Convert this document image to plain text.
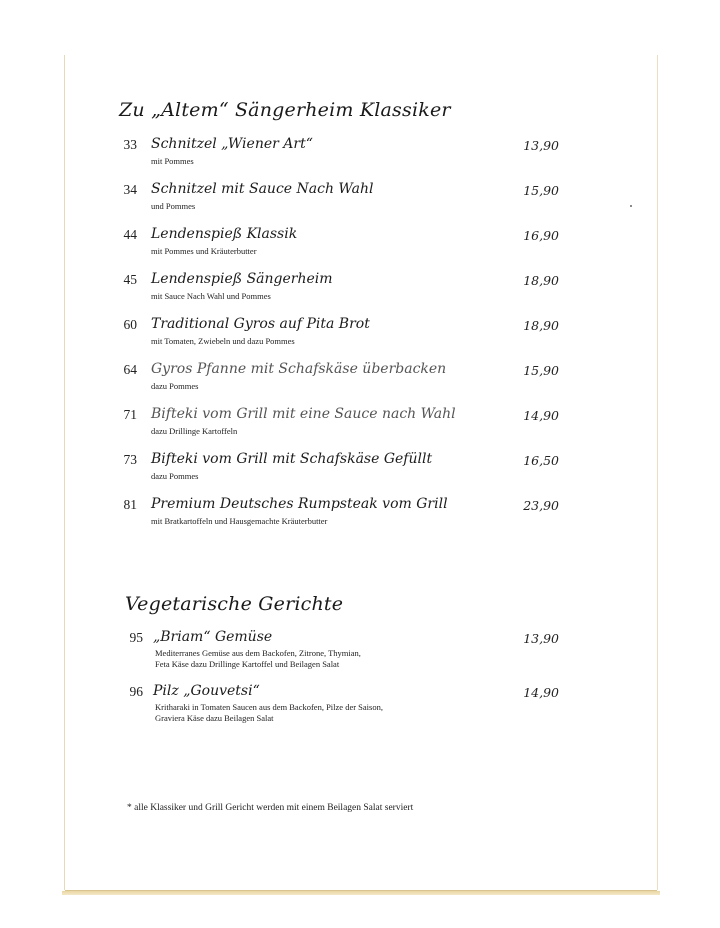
Zu „Altem“ Sängerheim Klassiker
33 Schnitzel „Wiener Art“
mit Pommes
13,90
34 Schnitzel mit Sauce Nach Wahl
und Pommes
15,90
44 Lendenspieß Klassik
mit Pommes und Kräuterbutter
16,90
45 Lendenspieß Sängerheim
mit Sauce Nach Wahl und Pommes
18,90
60 Traditional Gyros auf Pita Brot
mit Tomaten, Zwiebeln und dazu Pommes
18,90
64 Gyros Pfanne mit Schafskäse überbacken
dazu Pommes
15,90
71 Bifteki vom Grill mit eine Sauce nach Wahl
dazu Drillinge Kartoffeln
14,90
73 Bifteki vom Grill mit Schafskäse Gefüllt
dazu Pommes
16,50
81 Premium Deutsches Rumpsteak vom Grill
mit Bratkartoffeln und Hausgemachte Kräuterbutter
23,90
Vegetarische Gerichte
95 „Briam“ Gemüse
Mediterranes Gemüse aus dem Backofen, Zitrone, Thymian,
Feta Käse dazu Drillinge Kartoffel und Beilagen Salat
13,90
96 Pilz „Gouvetsi“
Kritharaki in Tomaten Saucen aus dem Backofen, Pilze der Saison,
Graviera Käse dazu Beilagen Salat
14,90
* alle Klassiker und Grill Gericht werden mit einem Beilagen Salat serviert
